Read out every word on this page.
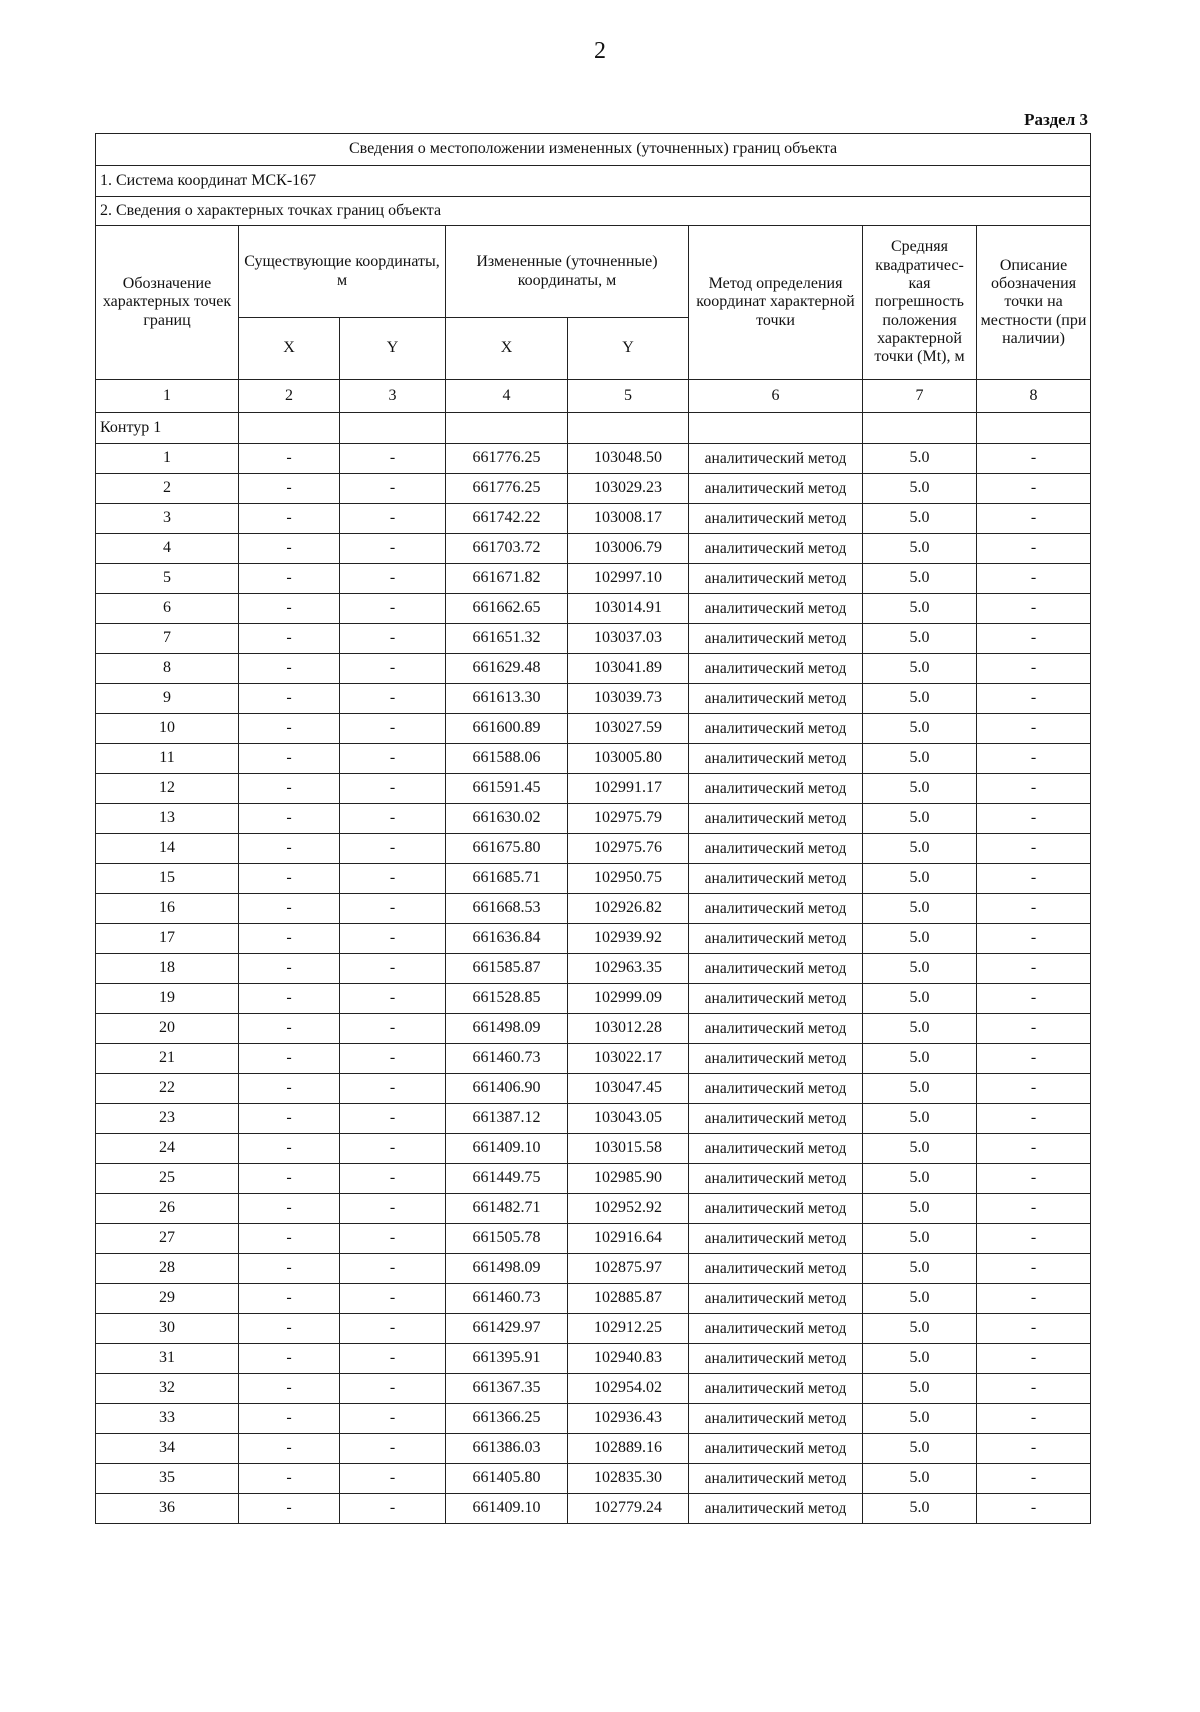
2
Раздел 3
Сведения о местоположении измененных (уточненных) границ объекта							
1. Система координат МСК-167							
2. Сведения о характерных точках границ объекта							
Обозначение характерных точек границ	Существующие координаты, м		Измененные (уточненные) координаты, м		Метод определения координат характерной точки	Средняя квадратичес-кая погрешность положения характерной точки (Mt), м	Описание обозначения точки на местности (при наличии)
	X	Y	X	Y			
1	2	3	4	5	6	7	8
Контур 1							
1	-	-	661776.25	103048.50	аналитический метод	5.0	-
2	-	-	661776.25	103029.23	аналитический метод	5.0	-
3	-	-	661742.22	103008.17	аналитический метод	5.0	-
4	-	-	661703.72	103006.79	аналитический метод	5.0	-
5	-	-	661671.82	102997.10	аналитический метод	5.0	-
6	-	-	661662.65	103014.91	аналитический метод	5.0	-
7	-	-	661651.32	103037.03	аналитический метод	5.0	-
8	-	-	661629.48	103041.89	аналитический метод	5.0	-
9	-	-	661613.30	103039.73	аналитический метод	5.0	-
10	-	-	661600.89	103027.59	аналитический метод	5.0	-
11	-	-	661588.06	103005.80	аналитический метод	5.0	-
12	-	-	661591.45	102991.17	аналитический метод	5.0	-
13	-	-	661630.02	102975.79	аналитический метод	5.0	-
14	-	-	661675.80	102975.76	аналитический метод	5.0	-
15	-	-	661685.71	102950.75	аналитический метод	5.0	-
16	-	-	661668.53	102926.82	аналитический метод	5.0	-
17	-	-	661636.84	102939.92	аналитический метод	5.0	-
18	-	-	661585.87	102963.35	аналитический метод	5.0	-
19	-	-	661528.85	102999.09	аналитический метод	5.0	-
20	-	-	661498.09	103012.28	аналитический метод	5.0	-
21	-	-	661460.73	103022.17	аналитический метод	5.0	-
22	-	-	661406.90	103047.45	аналитический метод	5.0	-
23	-	-	661387.12	103043.05	аналитический метод	5.0	-
24	-	-	661409.10	103015.58	аналитический метод	5.0	-
25	-	-	661449.75	102985.90	аналитический метод	5.0	-
26	-	-	661482.71	102952.92	аналитический метод	5.0	-
27	-	-	661505.78	102916.64	аналитический метод	5.0	-
28	-	-	661498.09	102875.97	аналитический метод	5.0	-
29	-	-	661460.73	102885.87	аналитический метод	5.0	-
30	-	-	661429.97	102912.25	аналитический метод	5.0	-
31	-	-	661395.91	102940.83	аналитический метод	5.0	-
32	-	-	661367.35	102954.02	аналитический метод	5.0	-
33	-	-	661366.25	102936.43	аналитический метод	5.0	-
34	-	-	661386.03	102889.16	аналитический метод	5.0	-
35	-	-	661405.80	102835.30	аналитический метод	5.0	-
36	-	-	661409.10	102779.24	аналитический метод	5.0	-
